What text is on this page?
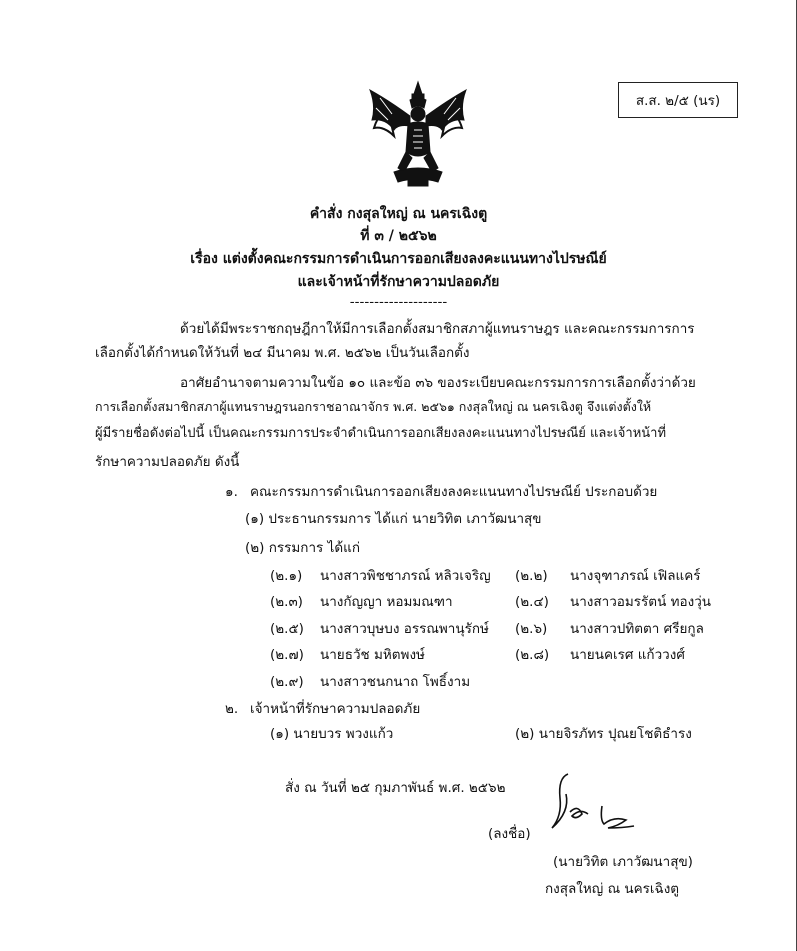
ส.ส. ๒/๕ (นร)
คำสั่ง กงสุลใหญ่ ณ นครเฉิงตู
ที่ ๓ / ๒๕๖๒
เรื่อง แต่งตั้งคณะกรรมการดำเนินการออกเสียงลงคะแนนทางไปรษณีย์
และเจ้าหน้าที่รักษาความปลอดภัย
--------------------
ด้วยได้มีพระราชกฤษฎีกาให้มีการเลือกตั้งสมาชิกสภาผู้แทนราษฎร และคณะกรรมการการ
เลือกตั้งได้กำหนดให้วันที่ ๒๔ มีนาคม พ.ศ. ๒๕๖๒ เป็นวันเลือกตั้ง
อาศัยอำนาจตามความในข้อ ๑๐ และข้อ ๓๖ ของระเบียบคณะกรรมการการเลือกตั้งว่าด้วย
การเลือกตั้งสมาชิกสภาผู้แทนราษฎรนอกราชอาณาจักร พ.ศ. ๒๕๖๑ กงสุลใหญ่ ณ นครเฉิงตู จึงแต่งตั้งให้
ผู้มีรายชื่อดังต่อไปนี้ เป็นคณะกรรมการประจำดำเนินการออกเสียงลงคะแนนทางไปรษณีย์ และเจ้าหน้าที่
รักษาความปลอดภัย ดังนี้
๑. คณะกรรมการดำเนินการออกเสียงลงคะแนนทางไปรษณีย์ ประกอบด้วย
(๑) ประธานกรรมการ ได้แก่ นายวิทิต เภาวัฒนาสุข
(๒) กรรมการ ได้แก่
(๒.๑) นางสาวพิชชาภรณ์ หลิวเจริญ (๒.๒) นางจุฑาภรณ์ เฟิลแคร์
(๒.๓) นางกัญญา หอมมณฑา	(๒.๔) นางสาวอมรรัตน์ ทองวุ่น
(๒.๕) นางสาวบุษบง อรรณพานุรักษ์ (๒.๖) นางสาวปทิตตา ศรียกูล
(๒.๗) นายธวัช มหิตพงษ์	(๒.๘) นายนคเรศ แก้ววงศ์
(๒.๙) นางสาวชนกนาถ โพธิ์งาม
๒. เจ้าหน้าที่รักษาความปลอดภัย
(๑) นายบวร พวงแก้ว	(๒) นายจิรภัทร ปุณยโชติธำรง
สั่ง ณ วันที่ ๒๕ กุมภาพันธ์ พ.ศ. ๒๕๖๒
(ลงชื่อ)
(นายวิทิต เภาวัฒนาสุข)
กงสุลใหญ่ ณ นครเฉิงตู
